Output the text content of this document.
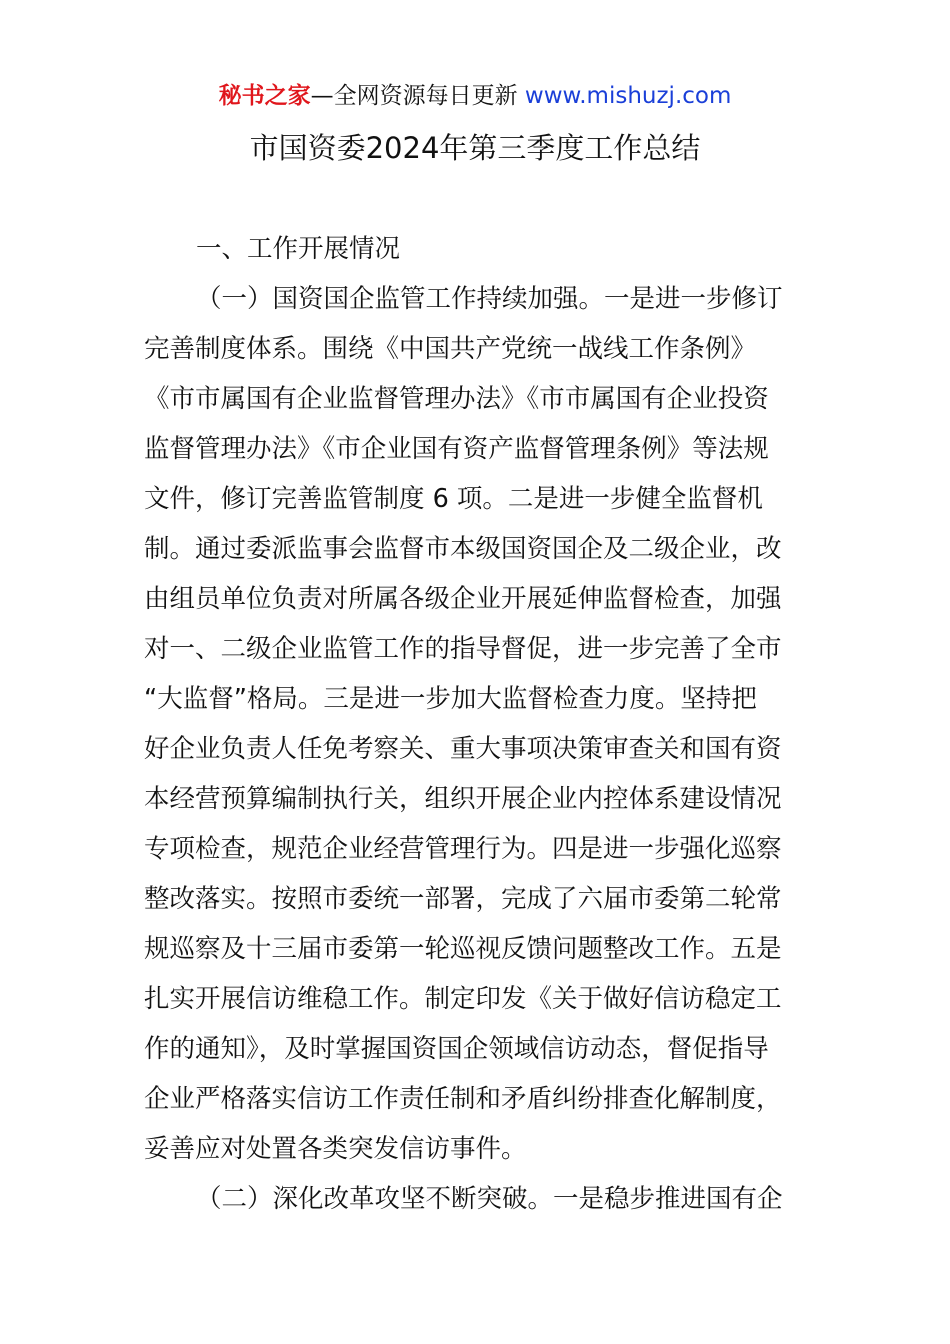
秘书之家—全网资源每日更新 www.mishuzj.com
市国资委2024年第三季度工作总结
一、工作开展情况
（一）国资国企监管工作持续加强。一是进一步修订
完善制度体系。围绕《中国共产党统一战线工作条例》
《市市属国有企业监督管理办法》《市市属国有企业投资
监督管理办法》《市企业国有资产监督管理条例》等法规
文件，修订完善监管制度 6 项。二是进一步健全监督机
制。通过委派监事会监督市本级国资国企及二级企业，改
由组员单位负责对所属各级企业开展延伸监督检查，加强
对一、二级企业监管工作的指导督促，进一步完善了全市
“大监督”格局。三是进一步加大监督检查力度。坚持把
好企业负责人任免考察关、重大事项决策审查关和国有资
本经营预算编制执行关，组织开展企业内控体系建设情况
专项检查，规范企业经营管理行为。四是进一步强化巡察
整改落实。按照市委统一部署，完成了六届市委第二轮常
规巡察及十三届市委第一轮巡视反馈问题整改工作。五是
扎实开展信访维稳工作。制定印发《关于做好信访稳定工
作的通知》，及时掌握国资国企领域信访动态，督促指导
企业严格落实信访工作责任制和矛盾纠纷排查化解制度，
妥善应对处置各类突发信访事件。
（二）深化改革攻坚不断突破。一是稳步推进国有企
